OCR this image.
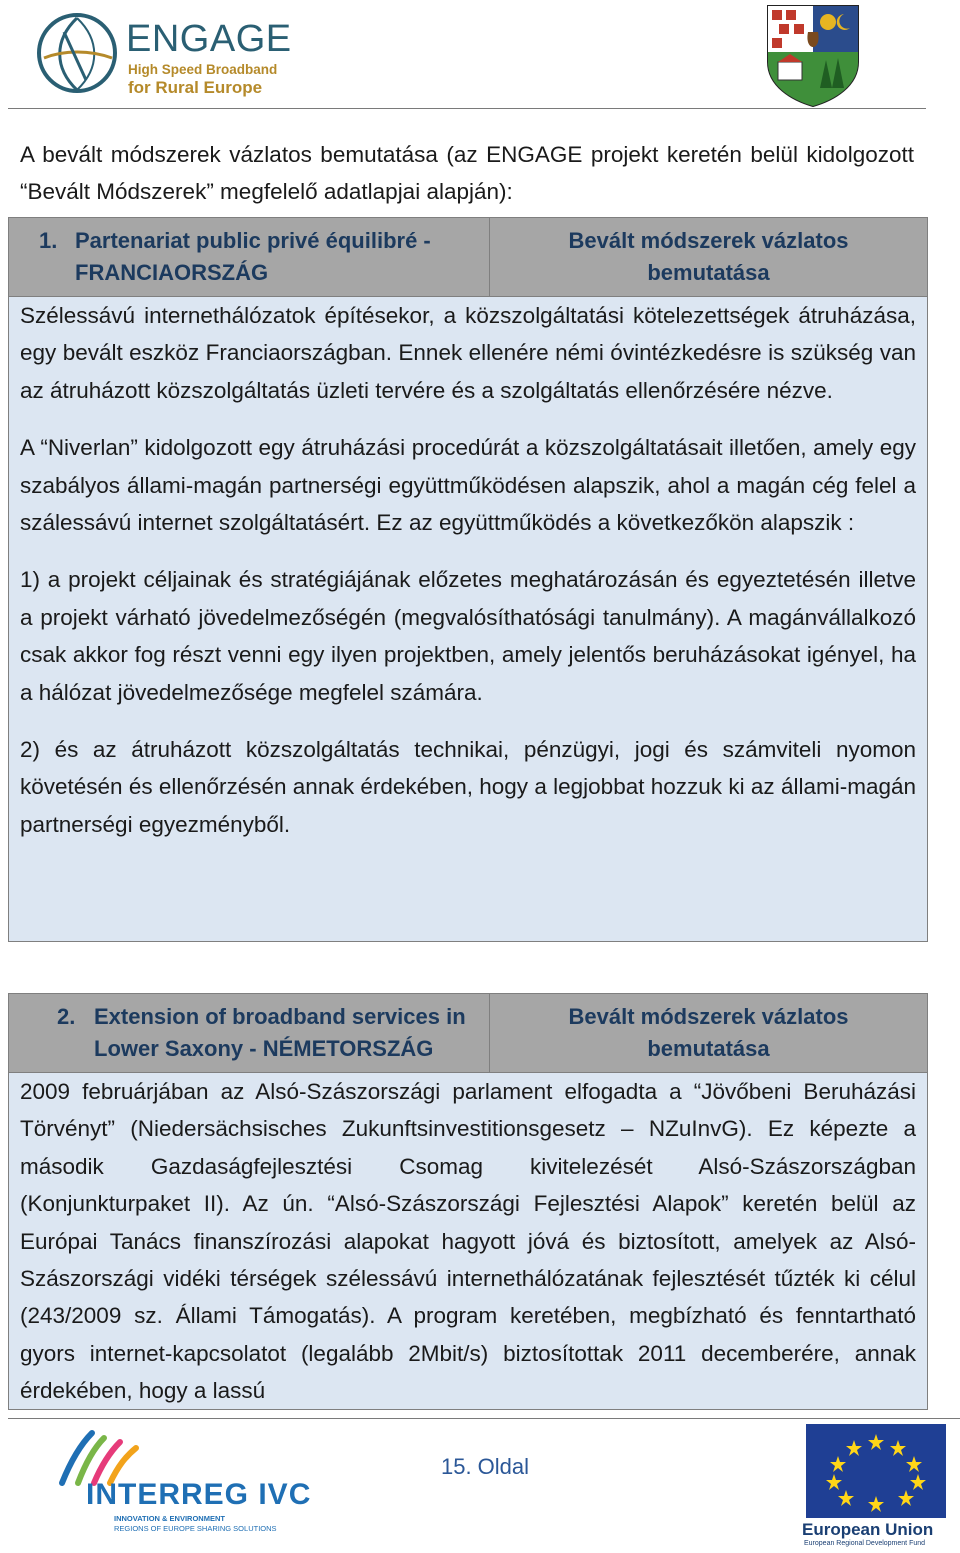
ENGAGE
High Speed Broadband
for Rural Europe
A bevált módszerek vázlatos bemutatása (az ENGAGE projekt keretén belül kidolgozott “Bevált Módszerek” megfelelő adatlapjai alapján):
1. Partenariat public privé équilibré -
FRANCIAORSZÁG
Bevált módszerek vázlatos
bemutatása

Szélessávú internethálózatok építésekor, a közszolgáltatási kötelezettségek átruházása, egy bevált eszköz Franciaországban. Ennek ellenére némi óvintézkedésre is szükség van az átruházott közszolgáltatás üzleti tervére és a szolgáltatás ellenőrzésére nézve.

A “Niverlan” kidolgozott egy átruházási procedúrát a közszolgáltatásait illetően, amely egy szabályos állami-magán partnerségi együttműködésen alapszik, ahol a magán cég felel a szálessávú internet szolgáltatásért. Ez az együttműködés a következőkön alapszik :

1) a projekt céljainak és stratégiájának előzetes meghatározásán és egyeztetésén illetve a projekt várható jövedelmezőségén (megvalósíthatósági tanulmány). A magánvállalkozó csak akkor fog részt venni egy ilyen projektben, amely jelentős beruházásokat igényel, ha a hálózat jövedelmezősége megfelel számára.

2) és az átruházott közszolgáltatás technikai, pénzügyi, jogi és számviteli nyomon követésén és ellenőrzésén annak érdekében, hogy a legjobbat hozzuk ki az állami-magán partnerségi egyezményből.

2. Extension of broadband services in
Lower Saxony - NÉMETORSZÁG
Bevált módszerek vázlatos
bemutatása

2009 februárjában az Alsó-Szászországi parlament elfogadta a “Jövőbeni Beruházási Törvényt” (Niedersächsisches Zukunftsinvestitionsgesetz – NZuInvG). Ez képezte a második Gazdaságfejlesztési Csomag kivitelezését Alsó-Szászországban (Konjunkturpaket II). Az ún. “Alsó-Szászországi Fejlesztési Alapok” keretén belül az Európai Tanács finanszírozási alapokat hagyott jóvá és biztosított, amelyek az Alsó-Szászországi vidéki térségek szélessávú internethálózatának fejlesztését tűzték ki célul (243/2009 sz. Állami Támogatás). A program keretében, megbízható és fenntartható gyors internet-kapcsolatot (legalább 2Mbit/s) biztosítottak 2011 decemberére, annak érdekében, hogy a lassú

INTERREG IVC
INNOVATION & ENVIRONMENT
REGIONS OF EUROPE SHARING SOLUTIONS
15. Oldal
European Union
European Regional Development Fund
